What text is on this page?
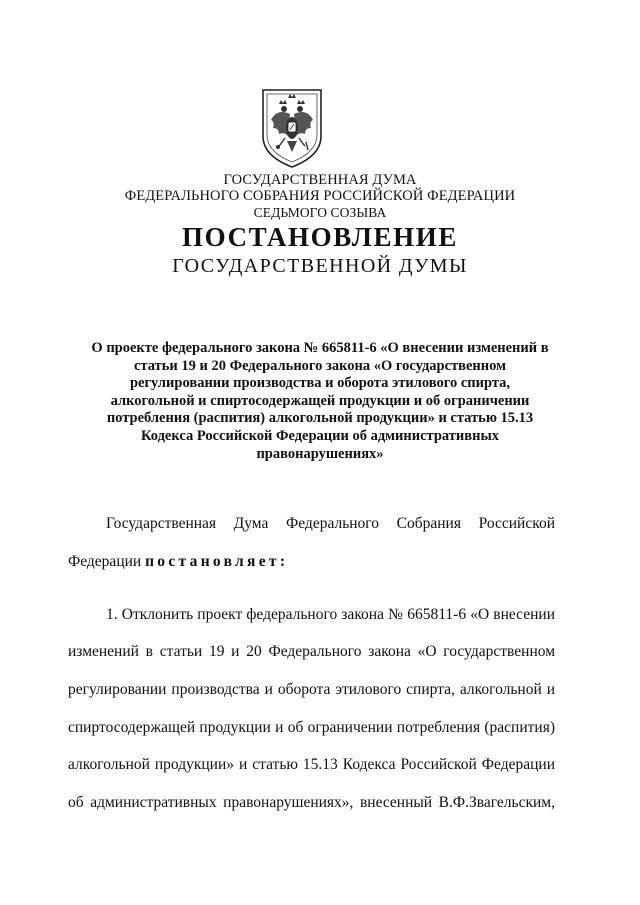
ГОСУДАРСТВЕННАЯ ДУМА
ФЕДЕРАЛЬНОГО СОБРАНИЯ РОССИЙСКОЙ ФЕДЕРАЦИИ
СЕДЬМОГО СОЗЫВА
ПОСТАНОВЛЕНИЕ
ГОСУДАРСТВЕННОЙ ДУМЫ
О проекте федерального закона № 665811-6 «О внесении изменений в
статьи 19 и 20 Федерального закона «О государственном
регулировании производства и оборота этилового спирта,
алкогольной и спиртосодержащей продукции и об ограничении
потребления (распития) алкогольной продукции» и статью 15.13
Кодекса Российской Федерации об административных
правонарушениях»
Государственная Дума Федерального Собрания Российской
Федерации постановляет:
1. Отклонить проект федерального закона № 665811-6 «О внесении
изменений в статьи 19 и 20 Федерального закона «О государственном
регулировании производства и оборота этилового спирта, алкогольной и
спиртосодержащей продукции и об ограничении потребления (распития)
алкогольной продукции» и статью 15.13 Кодекса Российской Федерации
об административных правонарушениях», внесенный В.Ф.Звагельским,
